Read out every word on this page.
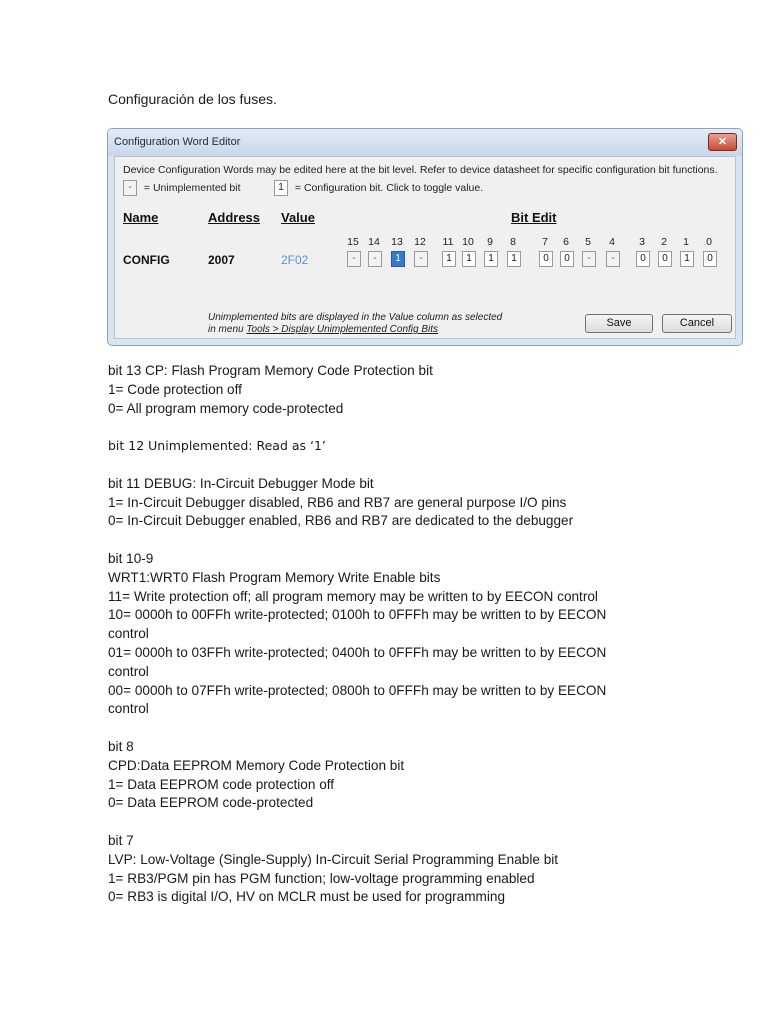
Configuración de los fuses.
Configuration Word Editor	✕
Device Configuration Words may be edited here at the bit level. Refer to device datasheet for specific configuration bit functions.
- = Unimplemented bit	1 = Configuration bit. Click to toggle value.
Name	Address Value	Bit Edit
15 14 13 12 11 10 9 8 7 6 5 4 3 2 1 0
CONFIG	2007	2F02	-	-	1	-	1	1	1	1	0	0	-	-	0	0	1	0
Unimplemented bits are displayed in the Value column as selected
in menu Tools > Display Unimplemented Config Bits
Save	Cancel
bit 13 CP: Flash Program Memory Code Protection bit
1= Code protection off
0= All program memory code-protected
bit 12 Unimplemented: Read as ‘1’
bit 11 DEBUG: In-Circuit Debugger Mode bit
1= In-Circuit Debugger disabled, RB6 and RB7 are general purpose I/O pins
0= In-Circuit Debugger enabled, RB6 and RB7 are dedicated to the debugger
bit 10-9
WRT1:WRT0 Flash Program Memory Write Enable bits
11= Write protection off; all program memory may be written to by EECON control
10= 0000h to 00FFh write-protected; 0100h to 0FFFh may be written to by EECON
control
01= 0000h to 03FFh write-protected; 0400h to 0FFFh may be written to by EECON
control
00= 0000h to 07FFh write-protected; 0800h to 0FFFh may be written to by EECON
control
bit 8
CPD:Data EEPROM Memory Code Protection bit
1= Data EEPROM code protection off
0= Data EEPROM code-protected
bit 7
LVP: Low-Voltage (Single-Supply) In-Circuit Serial Programming Enable bit
1= RB3/PGM pin has PGM function; low-voltage programming enabled
0= RB3 is digital I/O, HV on MCLR must be used for programming
